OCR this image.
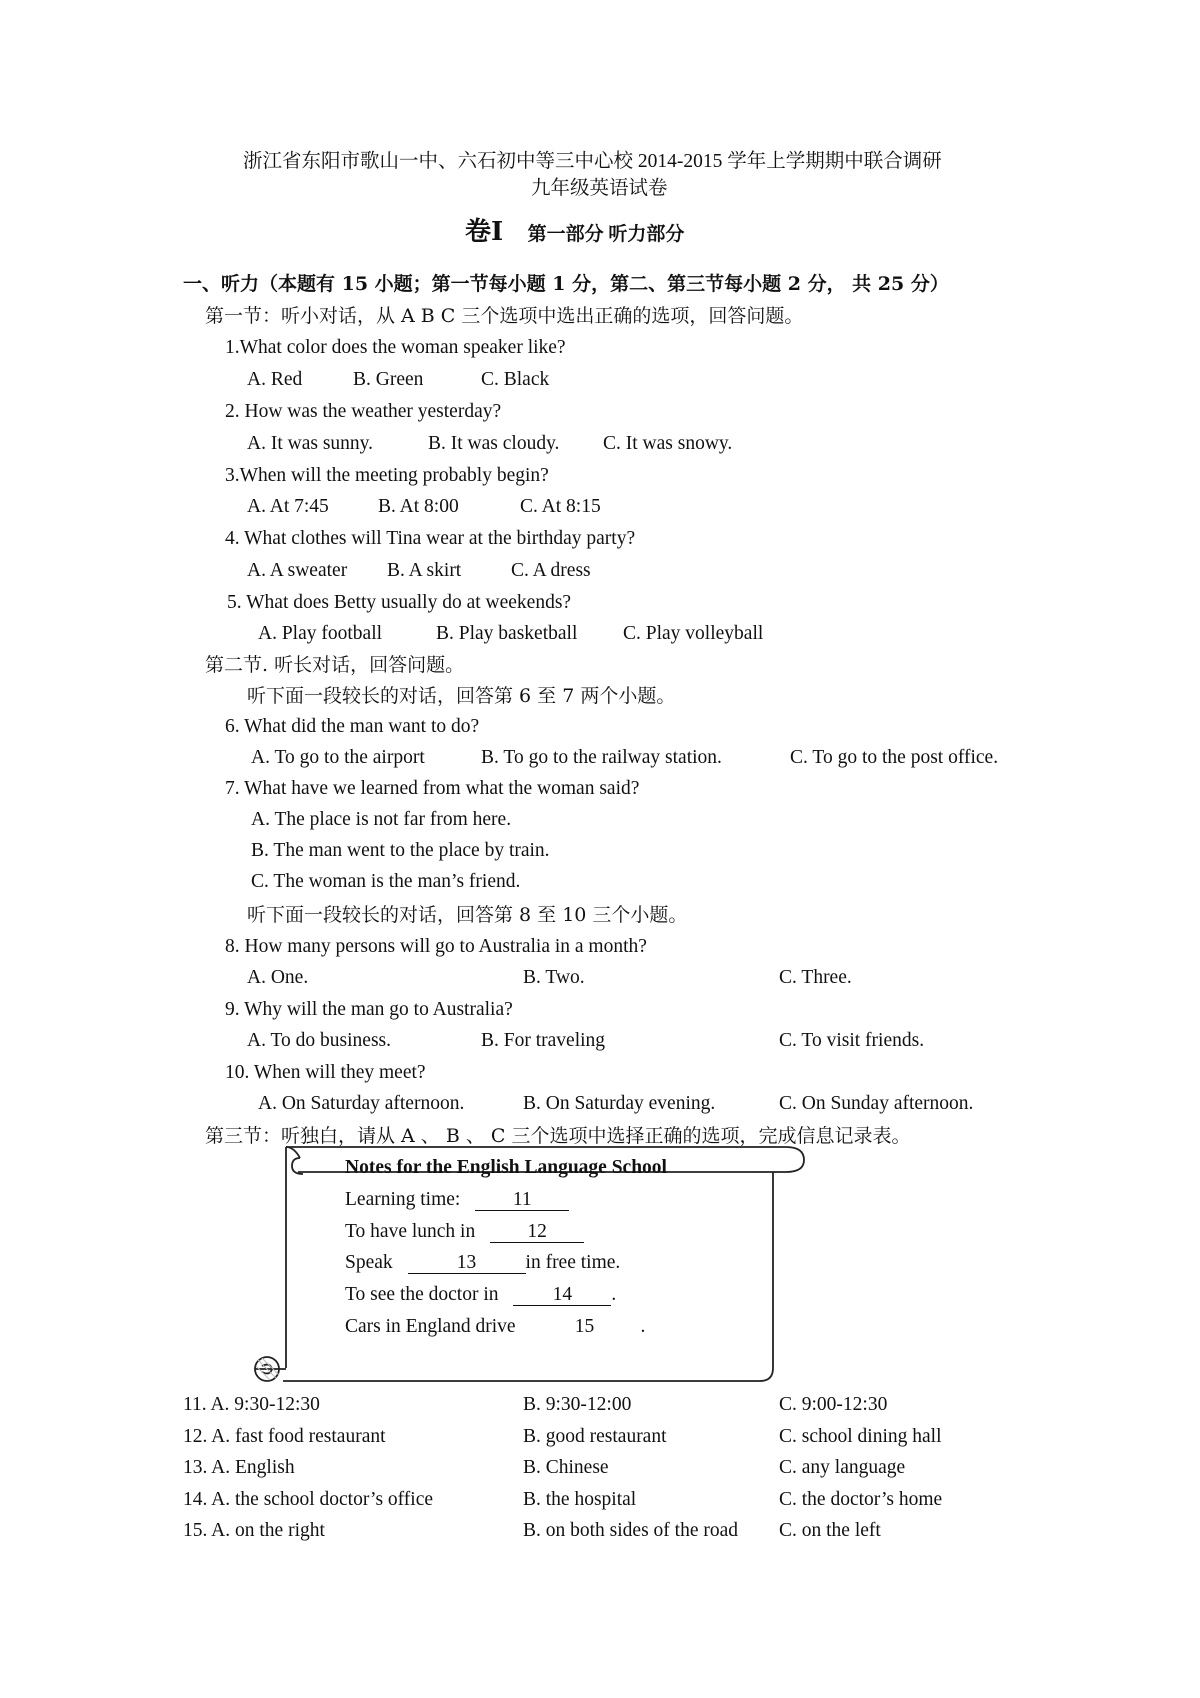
浙江省东阳市歌山一中、六石初中等三中心校 2014-2015 学年上学期期中联合调研
九年级英语试卷
卷Ⅰ 第一部分 听力部分
一、听力（本题有 15 小题；第一节每小题 1 分，第二、第三节每小题 2 分， 共 25 分）
第一节：听小对话，从 A B C 三个选项中选出正确的选项，回答问题。
1.What color does the woman speaker like?
A. Red	B. Green	C. Black
2. How was the weather yesterday?
A. It was sunny.	B. It was cloudy. C. It was snowy.
3.When will the meeting probably begin?
A. At 7:45	B. At 8:00	C. At 8:15
4. What clothes will Tina wear at the birthday party?
A. A sweater B. A skirt	C. A dress
5. What does Betty usually do at weekends?
A. Play football	B. Play basketball C. Play volleyball
第二节. 听长对话，回答问题。
听下面一段较长的对话，回答第 6 至 7 两个小题。
6. What did the man want to do?
A. To go to the airport	B. To go to the railway station.	C. To go to the post office.
7. What have we learned from what the woman said?
A. The place is not far from here.
B. The man went to the place by train.
C. The woman is the man’s friend.
听下面一段较长的对话，回答第 8 至 10 三个小题。
8. How many persons will go to Australia in a month?
A. One.	B. Two.	C. Three.
9. Why will the man go to Australia?
A. To do business.	B. For traveling	C. To visit friends.
10. When will they meet?
A. On Saturday afternoon.	B. On Saturday evening.	C. On Sunday afternoon.
第三节：听独白，请从 A 、 B 、 C 三个选项中选择正确的选项，完成信息记录表。
Notes for the English Language School
Learning time:	11
To have lunch in	12
Speak	13	in free time.
To see the doctor in	14 .
Cars in England drive	15 .
11. A. 9:30-12:30	B. 9:30-12:00	C. 9:00-12:30
12. A. fast food restaurant	B. good restaurant	C. school dining hall
13. A. English	B. Chinese	C. any language
14. A. the school doctor’s office	B. the hospital	C. the doctor’s home
15. A. on the right	B. on both sides of the road C. on the left
